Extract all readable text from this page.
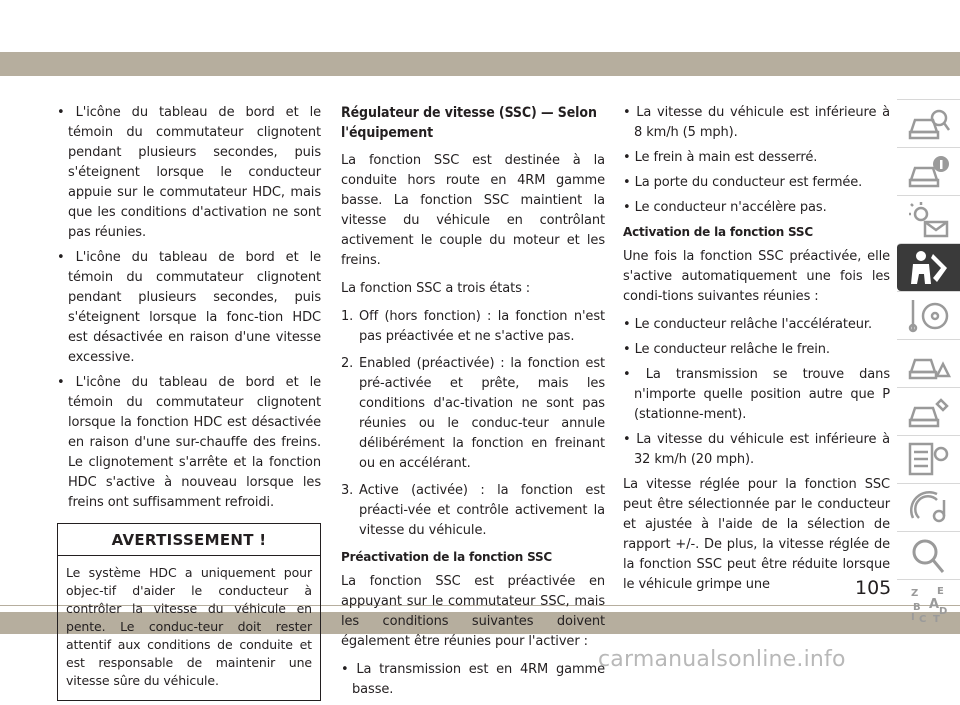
• L'icône du tableau de bord et le témoin du commutateur clignotent pendant plusieurs secondes, puis s'éteignent lorsque le conducteur appuie sur le commutateur HDC, mais que les conditions d'activation ne sont pas réunies.
• L'icône du tableau de bord et le témoin du commutateur clignotent pendant plusieurs secondes, puis s'éteignent lorsque la fonc-tion HDC est désactivée en raison d'une vitesse excessive.
• L'icône du tableau de bord et le témoin du commutateur clignotent lorsque la fonction HDC est désactivée en raison d'une sur-chauffe des freins. Le clignotement s'arrête et la fonction HDC s'active à nouveau lorsque les freins ont suffisamment refroidi.
AVERTISSEMENT !
Le système HDC a uniquement pour objec-tif d'aider le conducteur à contrôler la vitesse du véhicule en pente. Le conduc-teur doit rester attentif aux conditions de conduite et est responsable de maintenir une vitesse sûre du véhicule.
Régulateur de vitesse (SSC) — Selon l'équipement
La fonction SSC est destinée à la conduite hors route en 4RM gamme basse. La fonction SSC maintient la vitesse du véhicule en contrôlant activement le couple du moteur et les freins.
La fonction SSC a trois états :
1. Off (hors fonction) : la fonction n'est pas préactivée et ne s'active pas.
2. Enabled (préactivée) : la fonction est pré-activée et prête, mais les conditions d'ac-tivation ne sont pas réunies ou le conduc-teur annule délibérément la fonction en freinant ou en accélérant.
3. Active (activée) : la fonction est préacti-vée et contrôle activement la vitesse du véhicule.
Préactivation de la fonction SSC
La fonction SSC est préactivée en appuyant sur le commutateur SSC, mais les conditions suivantes doivent également être réunies pour l'activer :
• La transmission est en 4RM gamme basse.
• La vitesse du véhicule est inférieure à 8 km/h (5 mph).
• Le frein à main est desserré.
• La porte du conducteur est fermée.
• Le conducteur n'accélère pas.
Activation de la fonction SSC
Une fois la fonction SSC préactivée, elle s'active automatiquement une fois les condi-tions suivantes réunies :
• Le conducteur relâche l'accélérateur.
• Le conducteur relâche le frein.
• La transmission se trouve dans n'importe quelle position autre que P (stationne-ment).
• La vitesse du véhicule est inférieure à 32 km/h (20 mph).
La vitesse réglée pour la fonction SSC peut être sélectionnée par le conducteur et ajustée à l'aide de la sélection de rapport +/-. De plus, la vitesse réglée de la fonction SSC peut être réduite lorsque le véhicule grimpe une
Z E
B A
C
D
T
I
105
carmanualsonline.info
